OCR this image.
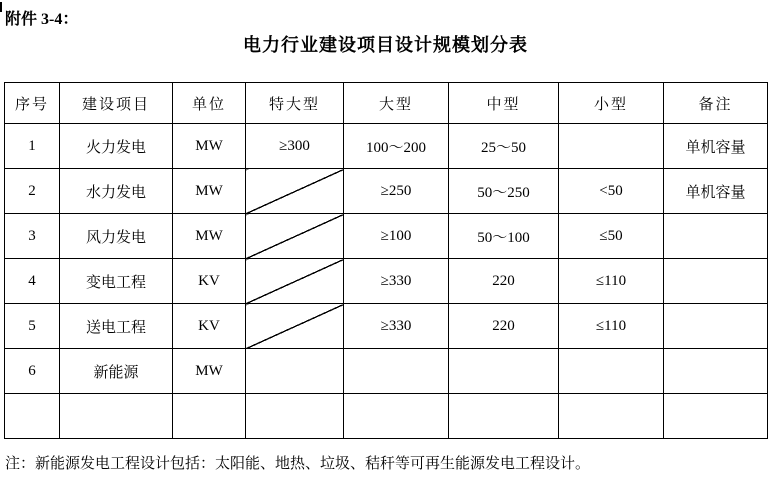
附件 3-4：
电力行业建设项目设计规模划分表
序号	建设项目	单位	特大型	大型	中型	小型	备注
1	火力发电	MW	≥300	100～200	25～50		单机容量
2	水力发电	MW		≥250	50～250	<50	单机容量
3	风力发电	MW		≥100	50～100	≤50	
4	变电工程	KV		≥330	220	≤110	
5	送电工程	KV		≥330	220	≤110	
6	新能源	MW					

注：新能源发电工程设计包括：太阳能、地热、垃圾、秸秆等可再生能源发电工程设计。
